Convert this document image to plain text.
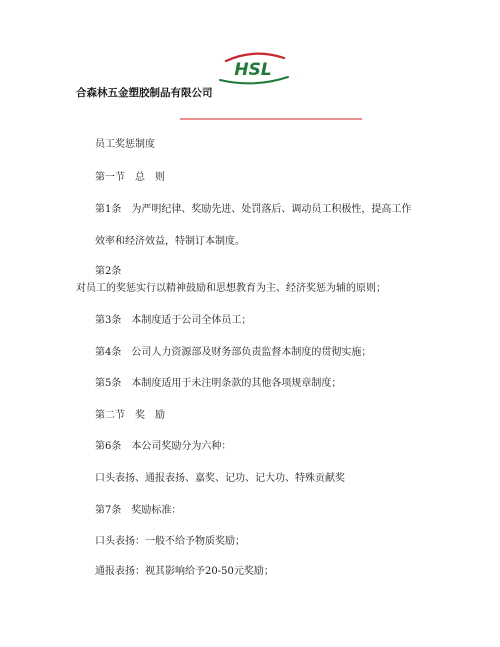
HSL
合森林五金塑胶制品有限公司
员工奖惩制度
第一节　总　则
第1条　为严明纪律、奖励先进、处罚落后、调动员工积极性，提高工作
效率和经济效益，特制订本制度。
第2条
对员工的奖惩实行以精神鼓励和思想教育为主、经济奖惩为辅的原则；
第3条　本制度适于公司全体员工；
第4条　公司人力资源部及财务部负责监督本制度的贯彻实施；
第5条　本制度适用于未注明条款的其他各项规章制度；
第二节　奖　励
第6条　本公司奖励分为六种：
口头表扬、通报表扬、嘉奖、记功、记大功、特殊贡献奖
第7条　奖励标准：
口头表扬：一般不给予物质奖励；
通报表扬：视其影响给予20-50元奖励；
